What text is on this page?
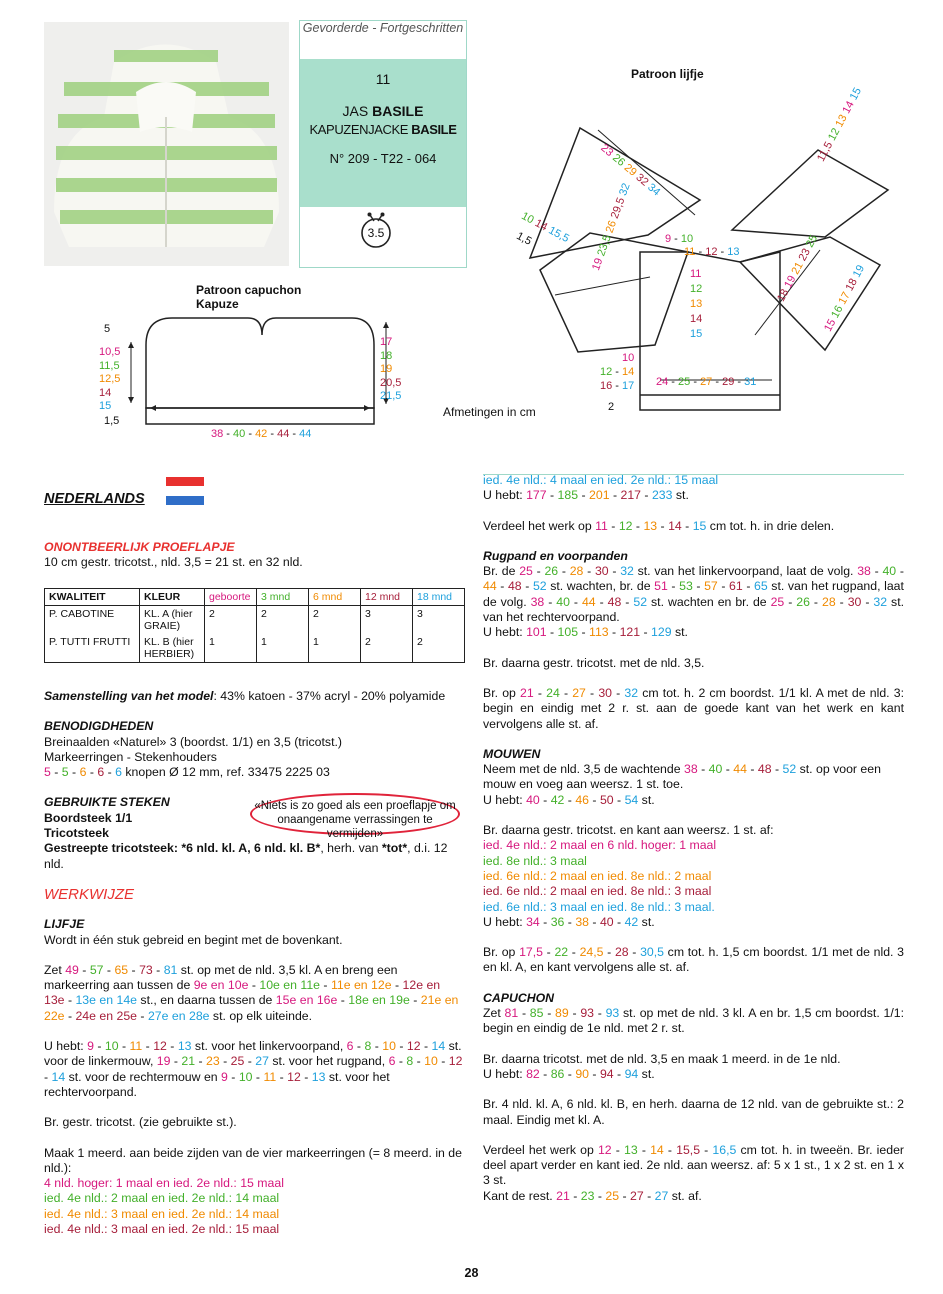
Gevorderde - Fortgeschritten
11
JAS BASILE
KAPUZENJACKE BASILE
N° 209 - T22 - 064
3.5
Patroon capuchon
Kapuze
5
10,5
11,5
12,5
14
15
1,5
17
18
19
20,5
21,5
38 - 40 - 42 - 44 - 44
Patroon lijfje
9 - 10
11 - 12 - 13
11
12
13
14
15
10
12 - 14
16 - 17 24 - 25 - 27 - 29 - 31
2
Afmetingen in cm
23 26 29 32 34
10 14 15,5
1,5
19 23,5 26 29,5 32
11,5 12 13 14 15
18 19 21 23 25
15 16 17 18 19
NEDERLANDS

ONONTBEERLIJK PROEFLAPJE

10 cm gestr. tricotst., nld. 3,5 = 21 st. en 32 nld.

KWALITEIT	KLEUR	geboorte	3 mnd	6 mnd	12 mnd	18 mnd
P. CABOTINE	KL. A (hier GRAIE)	2	2	2	3	3
P. TUTTI FRUTTI	KL. B (hier HERBIER)	1	1	1	2	2

Samenstelling van het model: 43% katoen - 37% acryl - 20% polyamide

BENODIGDHEDEN

Breinaalden «Naturel» 3 (boordst. 1/1) en 3,5 (tricotst.)

Markeerringen - Stekenhouders

5 - 5 - 6 - 6 - 6 knopen Ø 12 mm, ref. 33475 2225 03

GEBRUIKTE STEKEN

Boordsteek 1/1

Tricotsteek

Gestreepte tricotsteek: *6 nld. kl. A, 6 nld. kl. B*, herh. van *tot*, d.i. 12 nld.

WERKWIJZE

LIJFJE

Wordt in één stuk gebreid en begint met de bovenkant.

Zet 49 - 57 - 65 - 73 - 81 st. op met de nld. 3,5 kl. A en breng een markeerring aan tussen de 9e en 10e - 10e en 11e - 11e en 12e - 12e en 13e - 13e en 14e st., en daarna tussen de 15e en 16e - 18e en 19e - 21e en 22e - 24e en 25e - 27e en 28e st. op elk uiteinde.

U hebt: 9 - 10 - 11 - 12 - 13 st. voor het linkervoorpand, 6 - 8 - 10 - 12 - 14 st. voor de linkermouw, 19 - 21 - 23 - 25 - 27 st. voor het rugpand, 6 - 8 - 10 - 12 - 14 st. voor de rechtermouw en 9 - 10 - 11 - 12 - 13 st. voor het rechtervoorpand.

Br. gestr. tricotst. (zie gebruikte st.).

Maak 1 meerd. aan beide zijden van de vier markeerringen (= 8 meerd. in de nld.):

4 nld. hoger: 1 maal en ied. 2e nld.: 15 maal

ied. 4e nld.: 2 maal en ied. 2e nld.: 14 maal

ied. 4e nld.: 3 maal en ied. 2e nld.: 14 maal

ied. 4e nld.: 3 maal en ied. 2e nld.: 15 maal

«Niets is zo goed als een proeflapje om onaangename verrassingen te vermijden»

ied. 4e nld.: 4 maal en ied. 2e nld.: 15 maal

U hebt: 177 - 185 - 201 - 217 - 233 st.

Verdeel het werk op 11 - 12 - 13 - 14 - 15 cm tot. h. in drie delen.

Rugpand en voorpanden

Br. de 25 - 26 - 28 - 30 - 32 st. van het linkervoorpand, laat de volg. 38 - 40 - 44 - 48 - 52 st. wachten, br. de 51 - 53 - 57 - 61 - 65 st. van het rugpand, laat de volg. 38 - 40 - 44 - 48 - 52 st. wachten en br. de 25 - 26 - 28 - 30 - 32 st. van het rechtervoorpand.

U hebt: 101 - 105 - 113 - 121 - 129 st.

Br. daarna gestr. tricotst. met de nld. 3,5.

Br. op 21 - 24 - 27 - 30 - 32 cm tot. h. 2 cm boordst. 1/1 kl. A met de nld. 3: begin en eindig met 2 r. st. aan de goede kant van het werk en kant vervolgens alle st. af.

MOUWEN

Neem met de nld. 3,5 de wachtende 38 - 40 - 44 - 48 - 52 st. op voor een mouw en voeg aan weersz. 1 st. toe.

U hebt: 40 - 42 - 46 - 50 - 54 st.

Br. daarna gestr. tricotst. en kant aan weersz. 1 st. af:

ied. 4e nld.: 2 maal en 6 nld. hoger: 1 maal

ied. 8e nld.: 3 maal

ied. 6e nld.: 2 maal en ied. 8e nld.: 2 maal

ied. 6e nld.: 2 maal en ied. 8e nld.: 3 maal

ied. 6e nld.: 3 maal en ied. 8e nld.: 3 maal.

U hebt: 34 - 36 - 38 - 40 - 42 st.

Br. op 17,5 - 22 - 24,5 - 28 - 30,5 cm tot. h. 1,5 cm boordst. 1/1 met de nld. 3 en kl. A, en kant vervolgens alle st. af.

CAPUCHON

Zet 81 - 85 - 89 - 93 - 93 st. op met de nld. 3 kl. A en br. 1,5 cm boordst. 1/1: begin en eindig de 1e nld. met 2 r. st.

Br. daarna tricotst. met de nld. 3,5 en maak 1 meerd. in de 1e nld.

U hebt: 82 - 86 - 90 - 94 - 94 st.

Br. 4 nld. kl. A, 6 nld. kl. B, en herh. daarna de 12 nld. van de gebruikte st.: 2 maal. Eindig met kl. A.

Verdeel het werk op 12 - 13 - 14 - 15,5 - 16,5 cm tot. h. in tweeën. Br. ieder deel apart verder en kant ied. 2e nld. aan weersz. af: 5 x 1 st., 1 x 2 st. en 1 x 3 st.

Kant de rest. 21 - 23 - 25 - 27 - 27 st. af.

28
